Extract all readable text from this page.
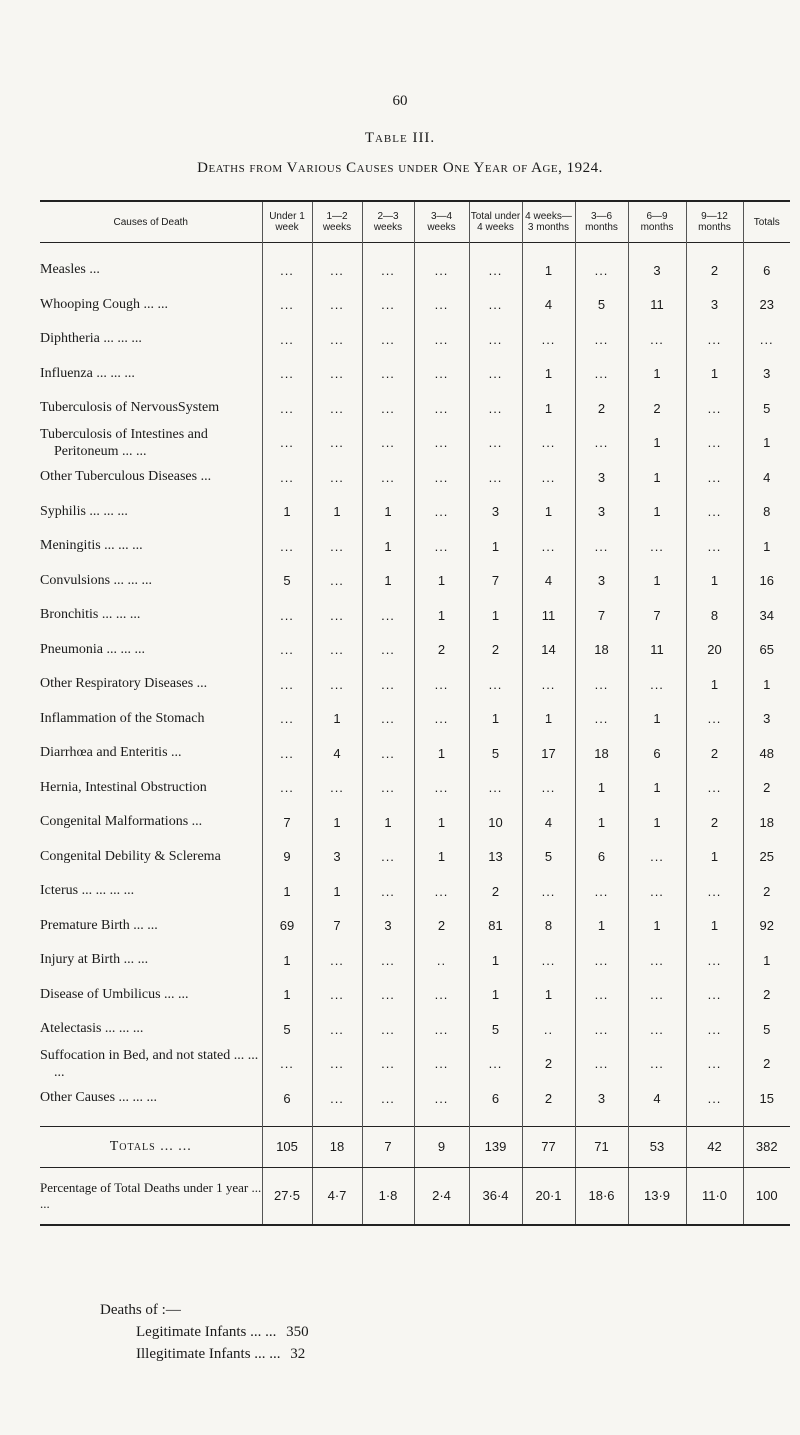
60
Table III.
Deaths from Various Causes under One Year of Age, 1924.
Causes of Death	Under 1 week	1—2 weeks	2—3 weeks	3—4 weeks	Total under 4 weeks	4 weeks—3 months	3—6 months	6—9 months	9—12 months	Totals

Measles ...	...	...	...	...	...	1	...	3	2	6
Whooping Cough ... ...	...	...	...	...	...	4	5	11	3	23
Diphtheria ... ... ...	...	...	...	...	...	...	...	...	...	...
Influenza ... ... ...	...	...	...	...	...	1	...	1	1	3
Tuberculosis of NervousSystem	...	...	...	...	...	1	2	2	...	5
Tuberculosis of Intestines and Peritoneum ... ...	...	...	...	...	...	...	...	1	...	1
Other Tuberculous Diseases ...	...	...	...	...	...	...	3	1	...	4
Syphilis ... ... ...	1	1	1	...	3	1	3	1	...	8
Meningitis ... ... ...	...	...	1	...	1	...	...	...	...	1
Convulsions ... ... ...	5	...	1	1	7	4	3	1	1	16
Bronchitis ... ... ...	...	...	...	1	1	11	7	7	8	34
Pneumonia ... ... ...	...	...	...	2	2	14	18	11	20	65
Other Respiratory Diseases ...	...	...	...	...	...	...	...	...	1	1
Inflammation of the Stomach	...	1	...	...	1	1	...	1	...	3
Diarrhœa and Enteritis ...	...	4	...	1	5	17	18	6	2	48
Hernia, Intestinal Obstruction	...	...	...	...	...	...	1	1	...	2
Congenital Malformations ...	7	1	1	1	10	4	1	1	2	18
Congenital Debility & Sclerema	9	3	...	1	13	5	6	...	1	25
Icterus ... ... ... ...	1	1	...	...	2	...	...	...	...	2
Premature Birth ... ...	69	7	3	2	81	8	1	1	1	92
Injury at Birth ... ...	1	...	...	..	1	...	...	...	...	1
Disease of Umbilicus ... ...	1	...	...	...	1	1	...	...	...	2
Atelectasis ... ... ...	5	...	...	...	5	..	...	...	...	5
Suffocation in Bed, and not stated ... ... ...	...	...	...	...	...	2	...	...	...	2
Other Causes ... ... ...	6	...	...	...	6	2	3	4	...	15

Totals ... ...	105	18	7	9	139	77	71	53	42	382
Percentage of Total Deaths under 1 year ... ...	27·5	4·7	1·8	2·4	36·4	20·1	18·6	13·9	11·0	100
Deaths of :—
Legitimate Infants ... ... 350
Illegitimate Infants ... ... 32
